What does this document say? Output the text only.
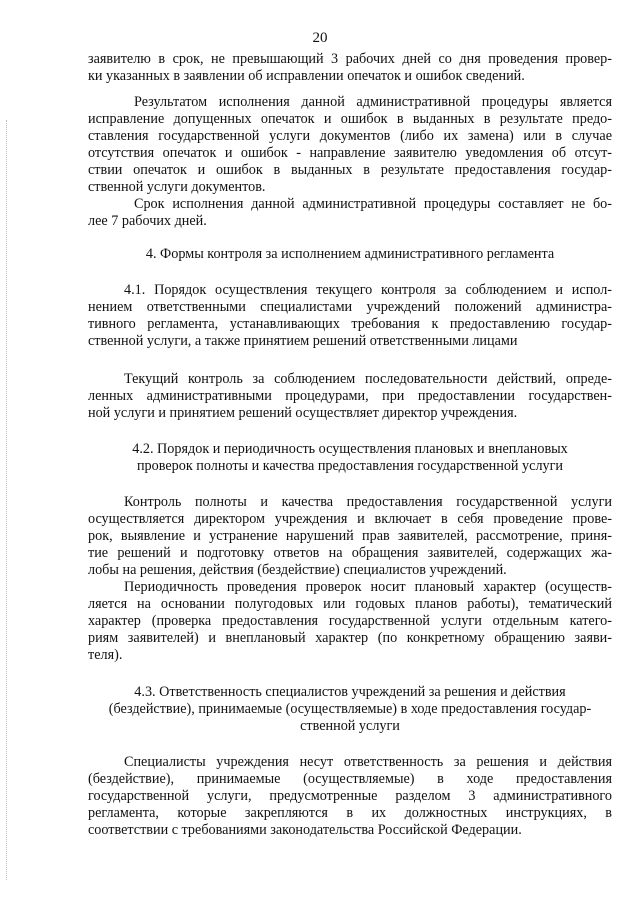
20
заявителю в срок, не превышающий 3 рабочих дней со дня проведения провер-
ки указанных в заявлении об исправлении опечаток и ошибок сведений.
Результатом исполнения данной административной процедуры является
исправление допущенных опечаток и ошибок в выданных в результате предо-
ставления государственной услуги документов (либо их замена) или в случае
отсутствия опечаток и ошибок - направление заявителю уведомления об отсут-
ствии опечаток и ошибок в выданных в результате предоставления государ-
ственной услуги документов.
Срок исполнения данной административной процедуры составляет не бо-
лее 7 рабочих дней.
4. Формы контроля за исполнением административного регламента
4.1. Порядок осуществления текущего контроля за соблюдением и испол-
нением ответственными специалистами учреждений положений администра-
тивного регламента, устанавливающих требования к предоставлению государ-
ственной услуги, а также принятием решений ответственными лицами
Текущий контроль за соблюдением последовательности действий, опреде-
ленных административными процедурами, при предоставлении государствен-
ной услуги и принятием решений осуществляет директор учреждения.
4.2. Порядок и периодичность осуществления плановых и внеплановых
проверок полноты и качества предоставления государственной услуги
Контроль полноты и качества предоставления государственной услуги
осуществляется директором учреждения и включает в себя проведение прове-
рок, выявление и устранение нарушений прав заявителей, рассмотрение, приня-
тие решений и подготовку ответов на обращения заявителей, содержащих жа-
лобы на решения, действия (бездействие) специалистов учреждений.
Периодичность проведения проверок носит плановый характер (осуществ-
ляется на основании полугодовых или годовых планов работы), тематический
характер (проверка предоставления государственной услуги отдельным катего-
риям заявителей) и внеплановый характер (по конкретному обращению заяви-
теля).
4.3. Ответственность специалистов учреждений за решения и действия
(бездействие), принимаемые (осуществляемые) в ходе предоставления государ-
ственной услуги
Специалисты учреждения несут ответственность за решения и действия
(бездействие), принимаемые (осуществляемые) в ходе предоставления
государственной услуги, предусмотренные разделом 3 административного
регламента, которые закрепляются в их должностных инструкциях, в
соответствии с требованиями законодательства Российской Федерации.
